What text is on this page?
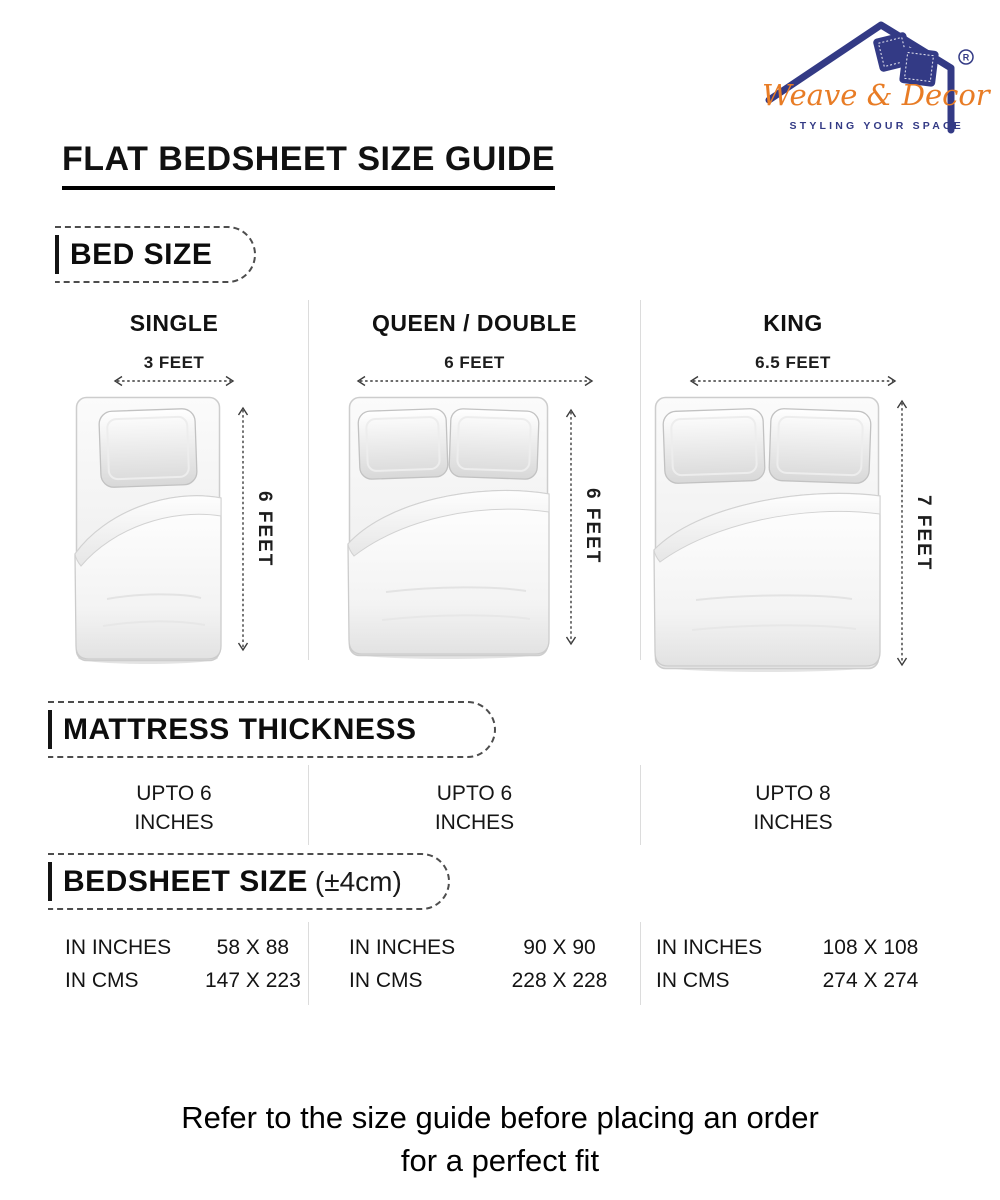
R
Weave & Decor
STYLING YOUR SPACE
FLAT BEDSHEET SIZE GUIDE
BED SIZE
SINGLE
3 FEET
6 FEET
QUEEN / DOUBLE
6 FEET
6 FEET
KING
6.5 FEET
7 FEET
MATTRESS THICKNESS
UPTO 6
INCHES
UPTO 6
INCHES
UPTO 8
INCHES
BEDSHEET SIZE (±4cm)
IN INCHES	58 X 88
IN CMS	147 X 223
IN INCHES	90 X 90
IN CMS	228 X 228
IN INCHES	108 X 108
IN CMS	274 X 274
Refer to the size guide before placing an order
for a perfect fit
